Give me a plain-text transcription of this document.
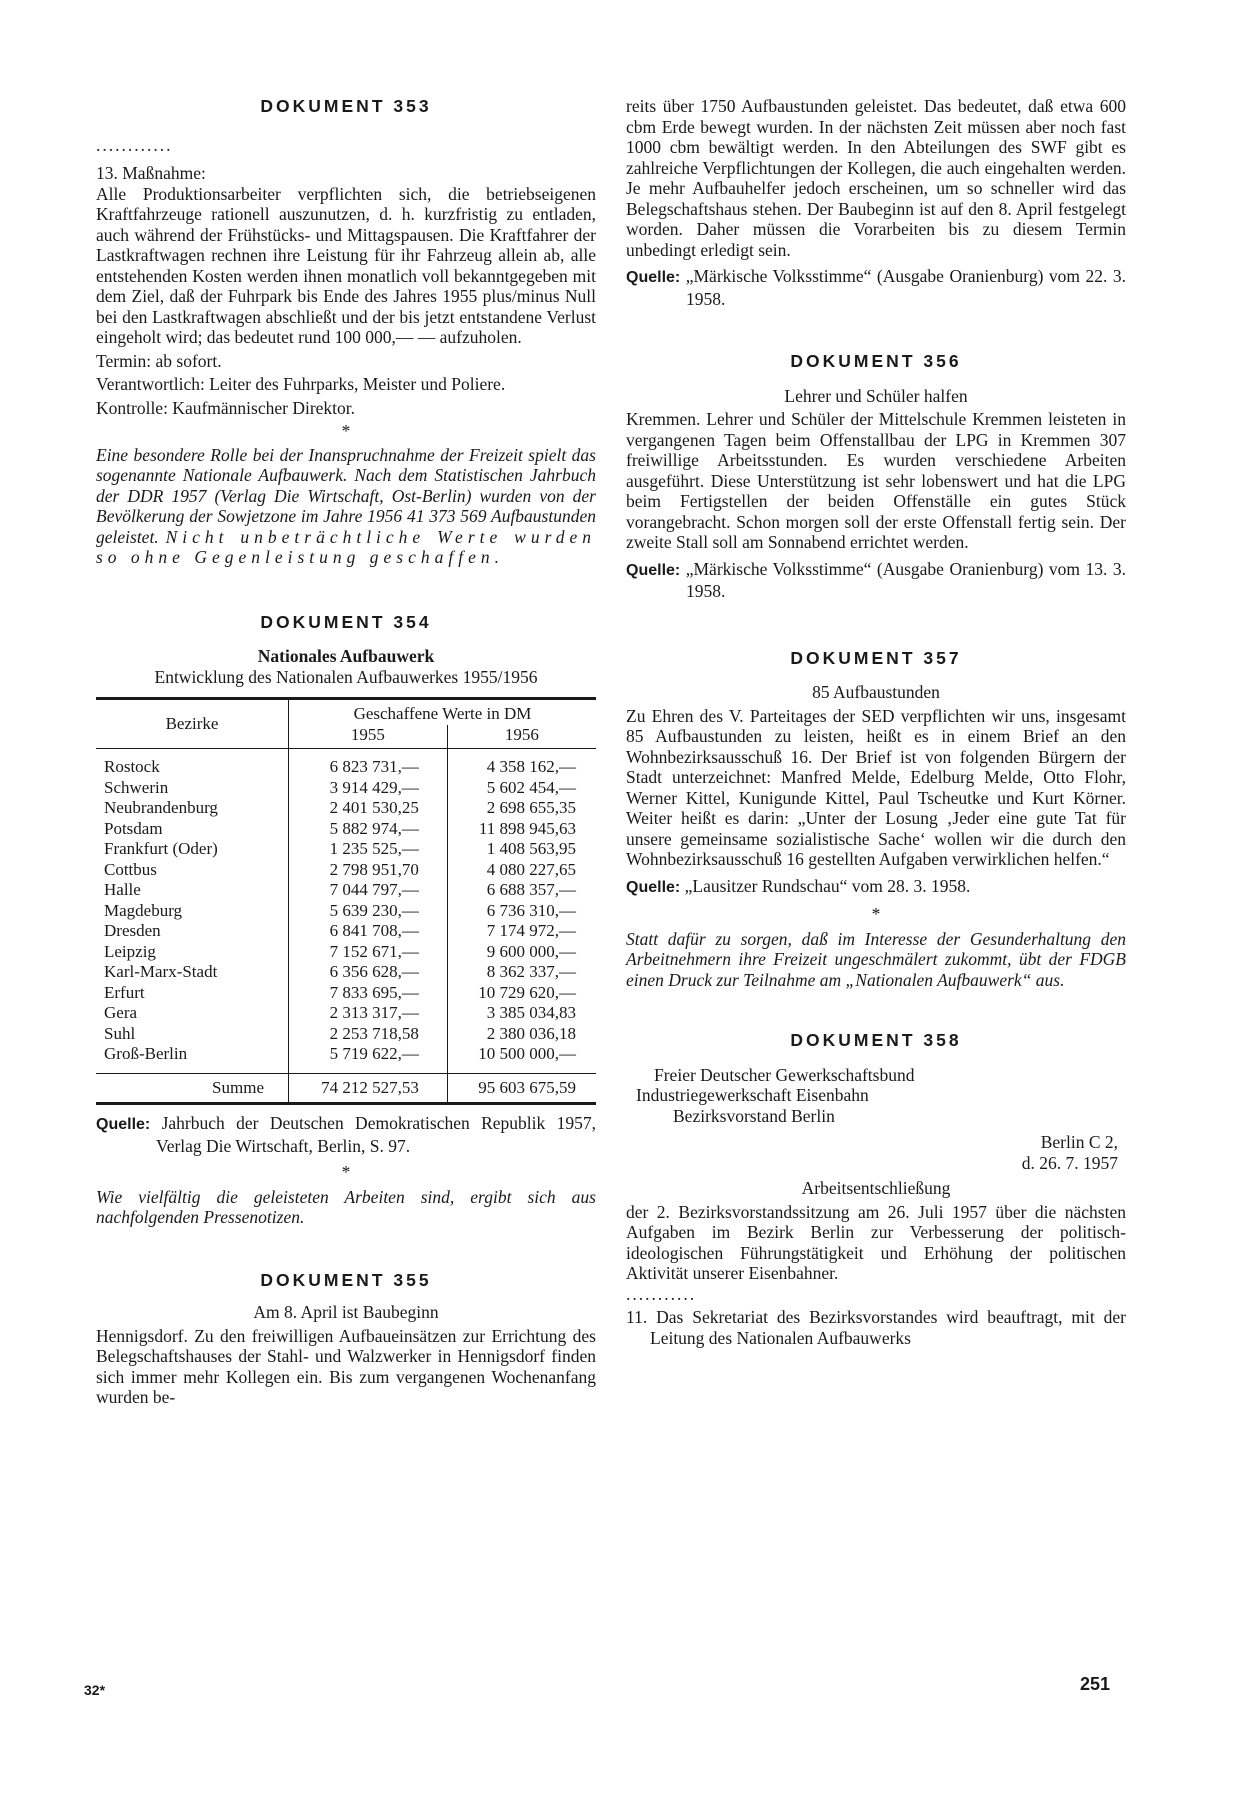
DOKUMENT 353

............

13. Maßnahme:

Alle Produktionsarbeiter verpflichten sich, die betriebseigenen Kraftfahrzeuge rationell auszunutzen, d. h. kurzfristig zu entladen, auch während der Frühstücks- und Mittagspausen. Die Kraftfahrer der Lastkraftwagen rechnen ihre Leistung für ihr Fahrzeug allein ab, alle entstehenden Kosten werden ihnen monatlich voll bekanntgegeben mit dem Ziel, daß der Fuhrpark bis Ende des Jahres 1955 plus/minus Null bei den Lastkraftwagen abschließt und der bis jetzt entstandene Verlust eingeholt wird; das bedeutet rund 100 000,— — aufzuholen.

Termin: ab sofort.

Verantwortlich: Leiter des Fuhrparks, Meister und Poliere.

Kontrolle: Kaufmännischer Direktor.

*

Eine besondere Rolle bei der Inanspruchnahme der Freizeit spielt das sogenannte Nationale Aufbauwerk. Nach dem Statistischen Jahrbuch der DDR 1957 (Verlag Die Wirtschaft, Ost-Berlin) wurden von der Bevölkerung der Sowjetzone im Jahre 1956 41 373 569 Aufbaustunden geleistet. Nicht unbeträchtliche Werte wurden so ohne Gegenleistung geschaffen.

DOKUMENT 354

Nationales Aufbauwerk

Entwicklung des Nationalen Aufbauwerkes 1955/1956

Bezirke	Geschaffene Werte in DM	
	1955	1956

Rostock	6 823 731,—	4 358 162,—
Schwerin	3 914 429,—	5 602 454,—
Neubrandenburg	2 401 530,25	2 698 655,35
Potsdam	5 882 974,—	11 898 945,63
Frankfurt (Oder)	1 235 525,—	1 408 563,95
Cottbus	2 798 951,70	4 080 227,65
Halle	7 044 797,—	6 688 357,—
Magdeburg	5 639 230,—	6 736 310,—
Dresden	6 841 708,—	7 174 972,—
Leipzig	7 152 671,—	9 600 000,—
Karl-Marx-Stadt	6 356 628,—	8 362 337,—
Erfurt	7 833 695,—	10 729 620,—
Gera	2 313 317,—	3 385 034,83
Suhl	2 253 718,58	2 380 036,18
Groß-Berlin	5 719 622,—	10 500 000,—

Summe	74 212 527,53	95 603 675,59

Quelle: Jahrbuch der Deutschen Demokratischen Republik 1957, Verlag Die Wirtschaft, Berlin, S. 97.

*

Wie vielfältig die geleisteten Arbeiten sind, ergibt sich aus nachfolgenden Pressenotizen.

DOKUMENT 355

Am 8. April ist Baubeginn

Hennigsdorf. Zu den freiwilligen Aufbaueinsätzen zur Errichtung des Belegschaftshauses der Stahl- und Walzwerker in Hennigsdorf finden sich immer mehr Kollegen ein. Bis zum vergangenen Wochenanfang wurden be-

reits über 1750 Aufbaustunden geleistet. Das bedeutet, daß etwa 600 cbm Erde bewegt wurden. In der nächsten Zeit müssen aber noch fast 1000 cbm bewältigt werden. In den Abteilungen des SWF gibt es zahlreiche Verpflichtungen der Kollegen, die auch eingehalten werden. Je mehr Aufbauhelfer jedoch erscheinen, um so schneller wird das Belegschaftshaus stehen. Der Baubeginn ist auf den 8. April festgelegt worden. Daher müssen die Vorarbeiten bis zu diesem Termin unbedingt erledigt sein.

Quelle: „Märkische Volksstimme“ (Ausgabe Oranienburg) vom 22. 3. 1958.

DOKUMENT 356

Lehrer und Schüler halfen

Kremmen. Lehrer und Schüler der Mittelschule Kremmen leisteten in vergangenen Tagen beim Offenstallbau der LPG in Kremmen 307 freiwillige Arbeitsstunden. Es wurden verschiedene Arbeiten ausgeführt. Diese Unterstützung ist sehr lobenswert und hat die LPG beim Fertigstellen der beiden Offenställe ein gutes Stück vorangebracht. Schon morgen soll der erste Offenstall fertig sein. Der zweite Stall soll am Sonnabend errichtet werden.

Quelle: „Märkische Volksstimme“ (Ausgabe Oranienburg) vom 13. 3. 1958.

DOKUMENT 357

85 Aufbaustunden

Zu Ehren des V. Parteitages der SED verpflichten wir uns, insgesamt 85 Aufbaustunden zu leisten, heißt es in einem Brief an den Wohnbezirksausschuß 16. Der Brief ist von folgenden Bürgern der Stadt unterzeichnet: Manfred Melde, Edelburg Melde, Otto Flohr, Werner Kittel, Kunigunde Kittel, Paul Tscheutke und Kurt Körner. Weiter heißt es darin: „Unter der Losung ‚Jeder eine gute Tat für unsere gemeinsame sozialistische Sache‘ wollen wir die durch den Wohnbezirksausschuß 16 gestellten Aufgaben verwirklichen helfen.“

Quelle: „Lausitzer Rundschau“ vom 28. 3. 1958.

*

Statt dafür zu sorgen, daß im Interesse der Gesunderhaltung den Arbeitnehmern ihre Freizeit ungeschmälert zukommt, übt der FDGB einen Druck zur Teilnahme am „Nationalen Aufbauwerk“ aus.

DOKUMENT 358

Freier Deutscher Gewerkschaftsbund

Industriegewerkschaft Eisenbahn

Bezirksvorstand Berlin

Berlin C 2,

d. 26. 7. 1957

Arbeitsentschließung

der 2. Bezirksvorstandssitzung am 26. Juli 1957 über die nächsten Aufgaben im Bezirk Berlin zur Verbesserung der politisch-ideologischen Führungstätigkeit und Erhöhung der politischen Aktivität unserer Eisenbahner.

...........

11. Das Sekretariat des Bezirksvorstandes wird beauftragt, mit der Leitung des Nationalen Aufbauwerks

32*	251
